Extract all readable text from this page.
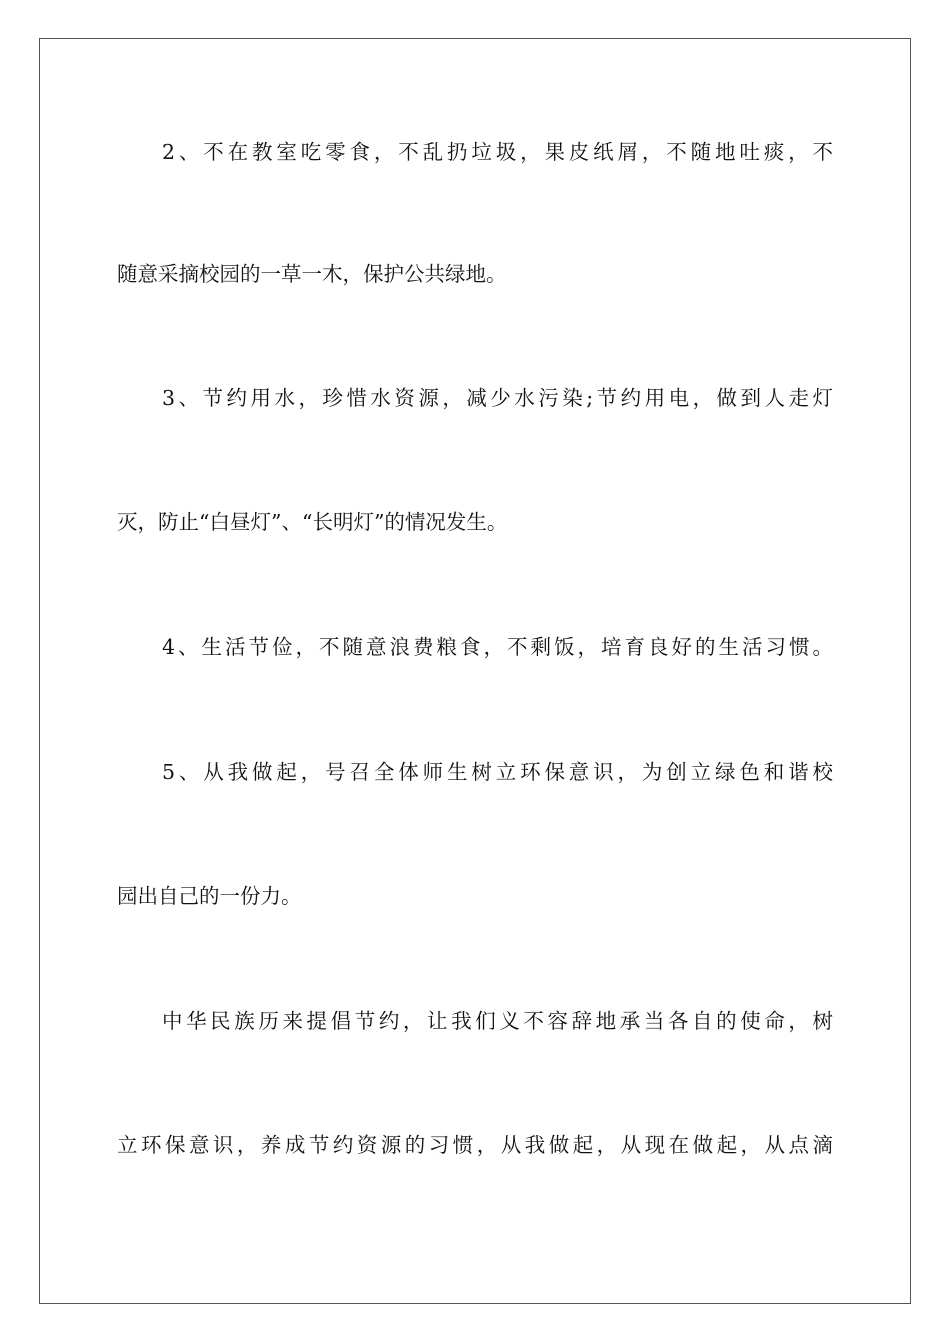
2、不在教室吃零食，不乱扔垃圾，果皮纸屑，不随地吐痰，不
随意采摘校园的一草一木，保护公共绿地。
3、节约用水，珍惜水资源，减少水污染;节约用电，做到人走灯
灭，防止“白昼灯”、“长明灯”的情况发生。
4、生活节俭，不随意浪费粮食，不剩饭，培育良好的生活习惯。
5、从我做起，号召全体师生树立环保意识，为创立绿色和谐校
园出自己的一份力。
中华民族历来提倡节约，让我们义不容辞地承当各自的使命，树
立环保意识，养成节约资源的习惯，从我做起，从现在做起，从点滴
